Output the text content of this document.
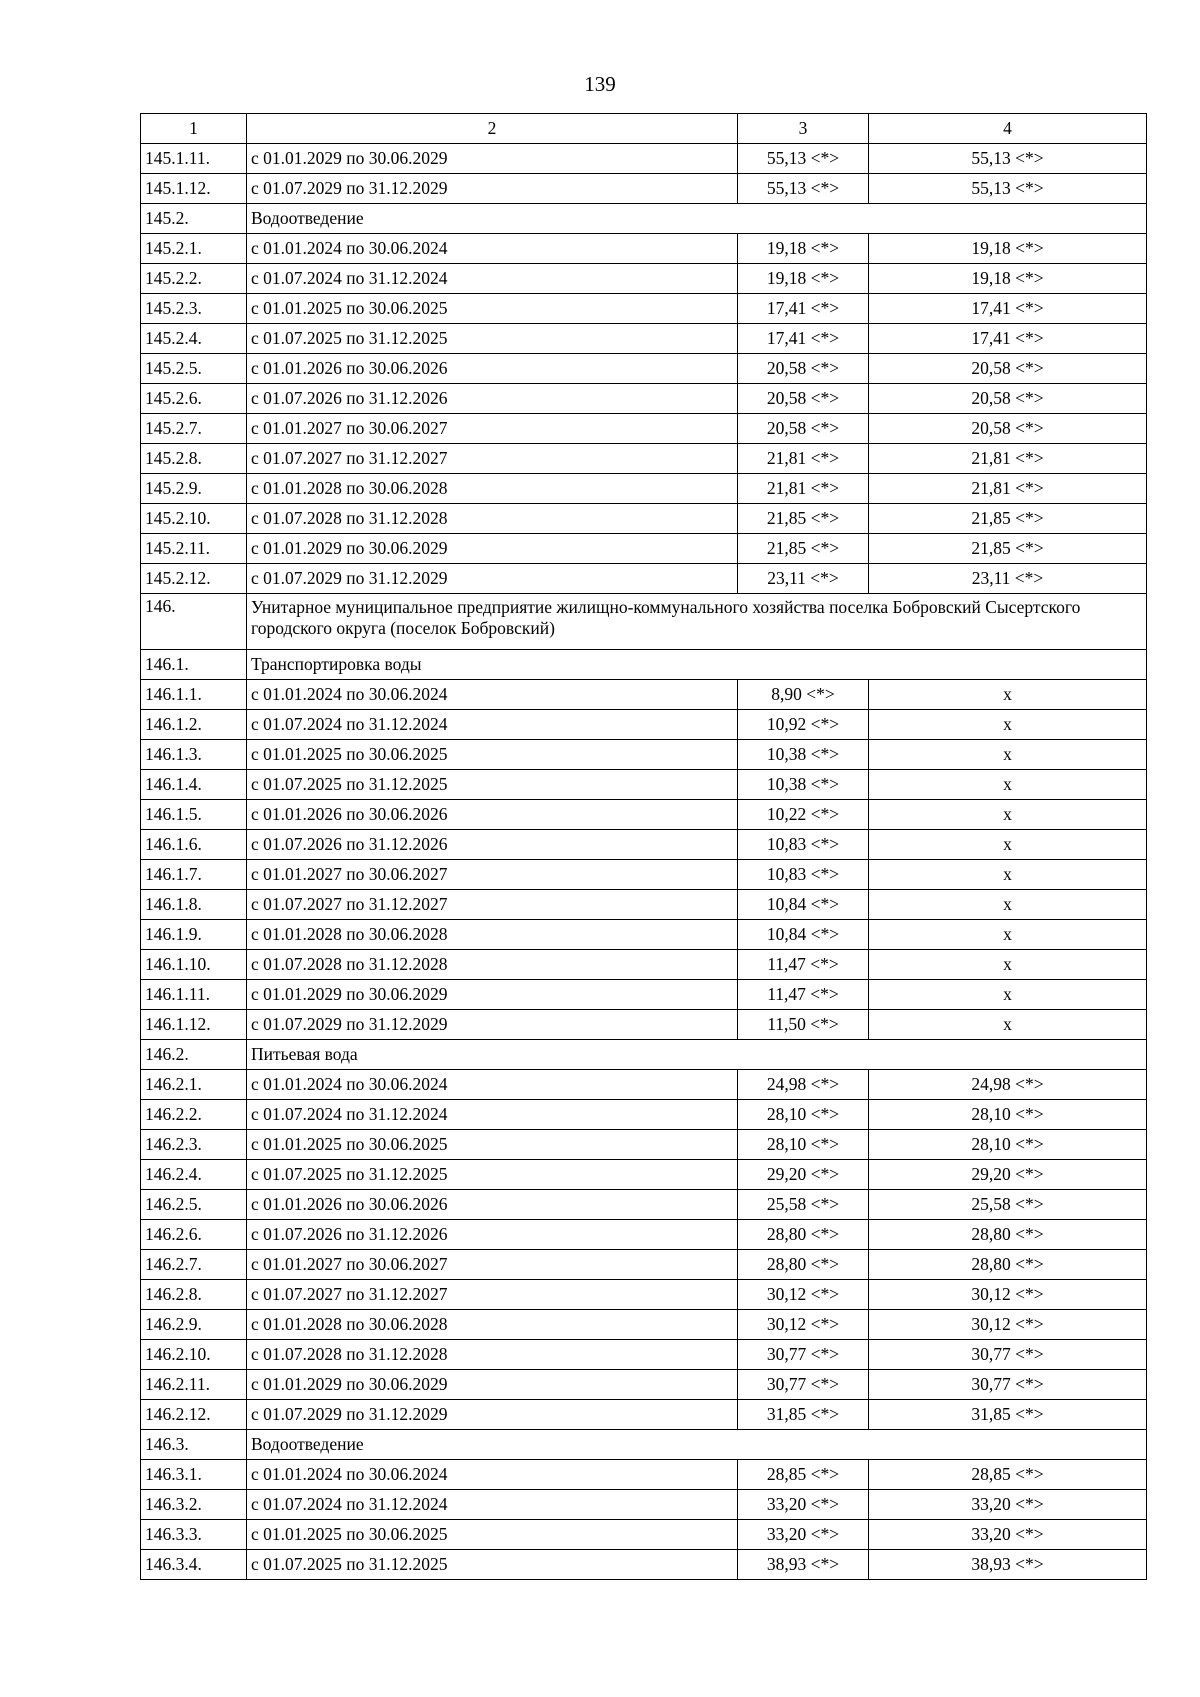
139
1	2	3	4
145.1.11.	с 01.01.2029 по 30.06.2029	55,13 <*>	55,13 <*>
145.1.12.	с 01.07.2029 по 31.12.2029	55,13 <*>	55,13 <*>
145.2.	Водоотведение		
145.2.1.	с 01.01.2024 по 30.06.2024	19,18 <*>	19,18 <*>
145.2.2.	с 01.07.2024 по 31.12.2024	19,18 <*>	19,18 <*>
145.2.3.	с 01.01.2025 по 30.06.2025	17,41 <*>	17,41 <*>
145.2.4.	с 01.07.2025 по 31.12.2025	17,41 <*>	17,41 <*>
145.2.5.	с 01.01.2026 по 30.06.2026	20,58 <*>	20,58 <*>
145.2.6.	с 01.07.2026 по 31.12.2026	20,58 <*>	20,58 <*>
145.2.7.	с 01.01.2027 по 30.06.2027	20,58 <*>	20,58 <*>
145.2.8.	с 01.07.2027 по 31.12.2027	21,81 <*>	21,81 <*>
145.2.9.	с 01.01.2028 по 30.06.2028	21,81 <*>	21,81 <*>
145.2.10.	с 01.07.2028 по 31.12.2028	21,85 <*>	21,85 <*>
145.2.11.	с 01.01.2029 по 30.06.2029	21,85 <*>	21,85 <*>
145.2.12.	с 01.07.2029 по 31.12.2029	23,11 <*>	23,11 <*>
146.	Унитарное муниципальное предприятие жилищно-коммунального хозяйства поселка Бобровский Сысертского городского округа (поселок Бобровский)		
146.1.	Транспортировка воды		
146.1.1.	с 01.01.2024 по 30.06.2024	8,90 <*>	x
146.1.2.	с 01.07.2024 по 31.12.2024	10,92 <*>	x
146.1.3.	с 01.01.2025 по 30.06.2025	10,38 <*>	x
146.1.4.	с 01.07.2025 по 31.12.2025	10,38 <*>	x
146.1.5.	с 01.01.2026 по 30.06.2026	10,22 <*>	x
146.1.6.	с 01.07.2026 по 31.12.2026	10,83 <*>	x
146.1.7.	с 01.01.2027 по 30.06.2027	10,83 <*>	x
146.1.8.	с 01.07.2027 по 31.12.2027	10,84 <*>	x
146.1.9.	с 01.01.2028 по 30.06.2028	10,84 <*>	x
146.1.10.	с 01.07.2028 по 31.12.2028	11,47 <*>	x
146.1.11.	с 01.01.2029 по 30.06.2029	11,47 <*>	x
146.1.12.	с 01.07.2029 по 31.12.2029	11,50 <*>	x
146.2.	Питьевая вода		
146.2.1.	с 01.01.2024 по 30.06.2024	24,98 <*>	24,98 <*>
146.2.2.	с 01.07.2024 по 31.12.2024	28,10 <*>	28,10 <*>
146.2.3.	с 01.01.2025 по 30.06.2025	28,10 <*>	28,10 <*>
146.2.4.	с 01.07.2025 по 31.12.2025	29,20 <*>	29,20 <*>
146.2.5.	с 01.01.2026 по 30.06.2026	25,58 <*>	25,58 <*>
146.2.6.	с 01.07.2026 по 31.12.2026	28,80 <*>	28,80 <*>
146.2.7.	с 01.01.2027 по 30.06.2027	28,80 <*>	28,80 <*>
146.2.8.	с 01.07.2027 по 31.12.2027	30,12 <*>	30,12 <*>
146.2.9.	с 01.01.2028 по 30.06.2028	30,12 <*>	30,12 <*>
146.2.10.	с 01.07.2028 по 31.12.2028	30,77 <*>	30,77 <*>
146.2.11.	с 01.01.2029 по 30.06.2029	30,77 <*>	30,77 <*>
146.2.12.	с 01.07.2029 по 31.12.2029	31,85 <*>	31,85 <*>
146.3.	Водоотведение		
146.3.1.	с 01.01.2024 по 30.06.2024	28,85 <*>	28,85 <*>
146.3.2.	с 01.07.2024 по 31.12.2024	33,20 <*>	33,20 <*>
146.3.3.	с 01.01.2025 по 30.06.2025	33,20 <*>	33,20 <*>
146.3.4.	с 01.07.2025 по 31.12.2025	38,93 <*>	38,93 <*>
